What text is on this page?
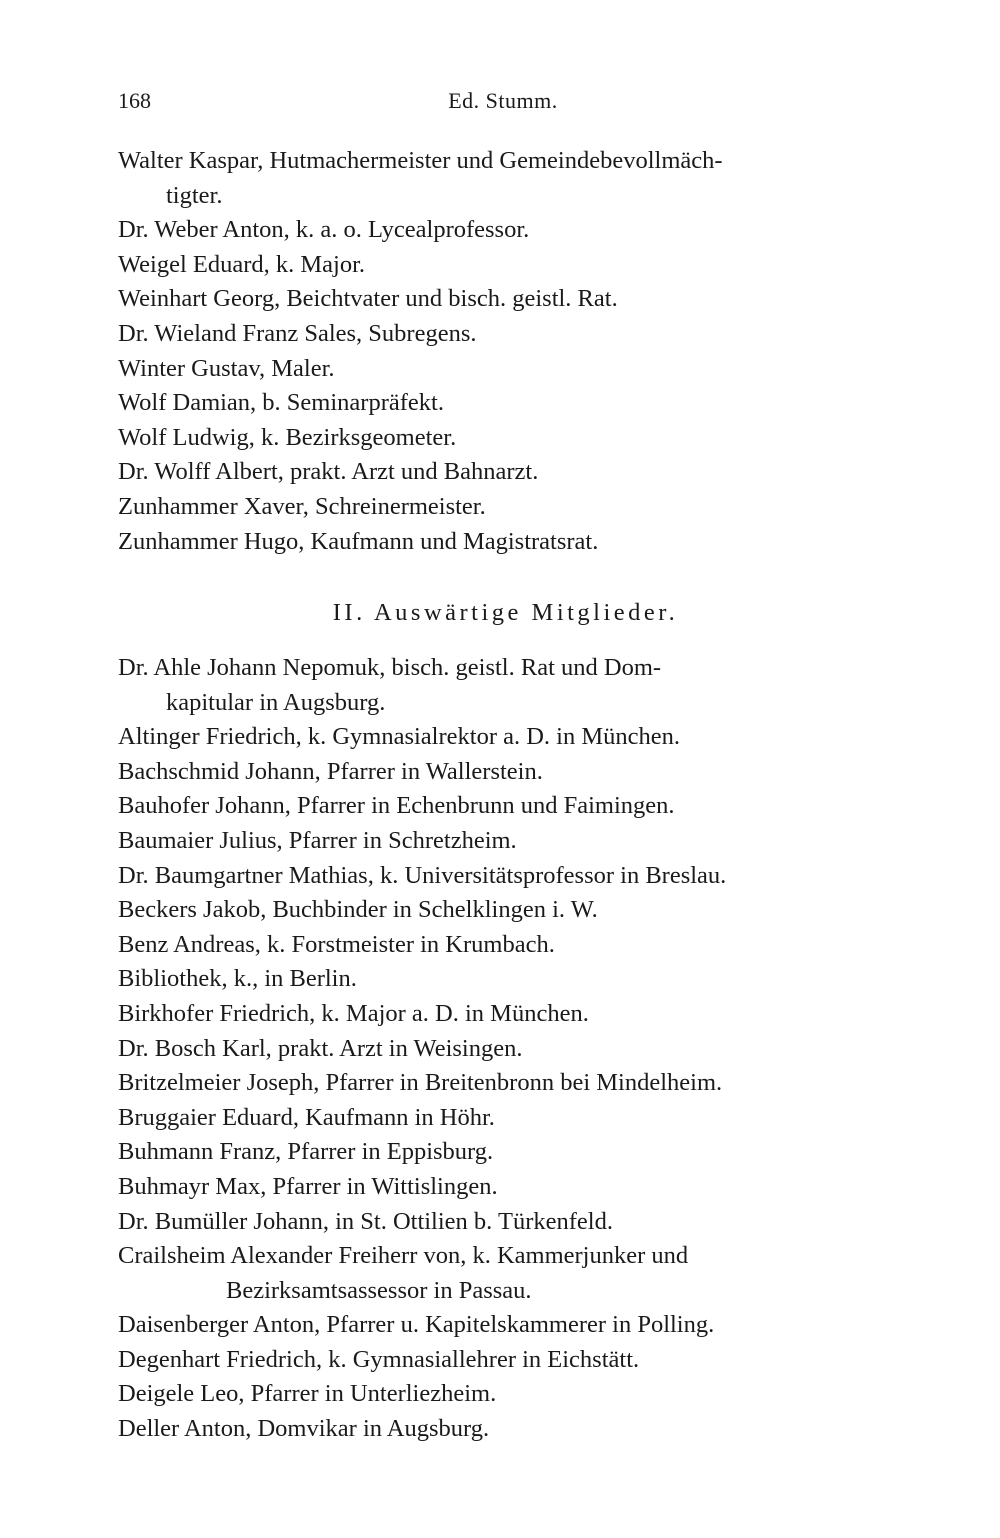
168	Ed. Stumm.
Walter Kaspar, Hutmachermeister und Gemeindebevollmäch-
tigter.
Dr. Weber Anton, k. a. o. Lycealprofessor.
Weigel Eduard, k. Major.
Weinhart Georg, Beichtvater und bisch. geistl. Rat.
Dr. Wieland Franz Sales, Subregens.
Winter Gustav, Maler.
Wolf Damian, b. Seminarpräfekt.
Wolf Ludwig, k. Bezirksgeometer.
Dr. Wolff Albert, prakt. Arzt und Bahnarzt.
Zunhammer Xaver, Schreinermeister.
Zunhammer Hugo, Kaufmann und Magistratsrat.
II. Auswärtige Mitglieder.
Dr. Ahle Johann Nepomuk, bisch. geistl. Rat und Dom-
kapitular in Augsburg.
Altinger Friedrich, k. Gymnasialrektor a. D. in München.
Bachschmid Johann, Pfarrer in Wallerstein.
Bauhofer Johann, Pfarrer in Echenbrunn und Faimingen.
Baumaier Julius, Pfarrer in Schretzheim.
Dr. Baumgartner Mathias, k. Universitätsprofessor in Breslau.
Beckers Jakob, Buchbinder in Schelklingen i. W.
Benz Andreas, k. Forstmeister in Krumbach.
Bibliothek, k., in Berlin.
Birkhofer Friedrich, k. Major a. D. in München.
Dr. Bosch Karl, prakt. Arzt in Weisingen.
Britzelmeier Joseph, Pfarrer in Breitenbronn bei Mindelheim.
Bruggaier Eduard, Kaufmann in Höhr.
Buhmann Franz, Pfarrer in Eppisburg.
Buhmayr Max, Pfarrer in Wittislingen.
Dr. Bumüller Johann, in St. Ottilien b. Türkenfeld.
Crailsheim Alexander Freiherr von, k. Kammerjunker und
Bezirksamtsassessor in Passau.
Daisenberger Anton, Pfarrer u. Kapitelskammerer in Polling.
Degenhart Friedrich, k. Gymnasiallehrer in Eichstätt.
Deigele Leo, Pfarrer in Unterliezheim.
Deller Anton, Domvikar in Augsburg.
